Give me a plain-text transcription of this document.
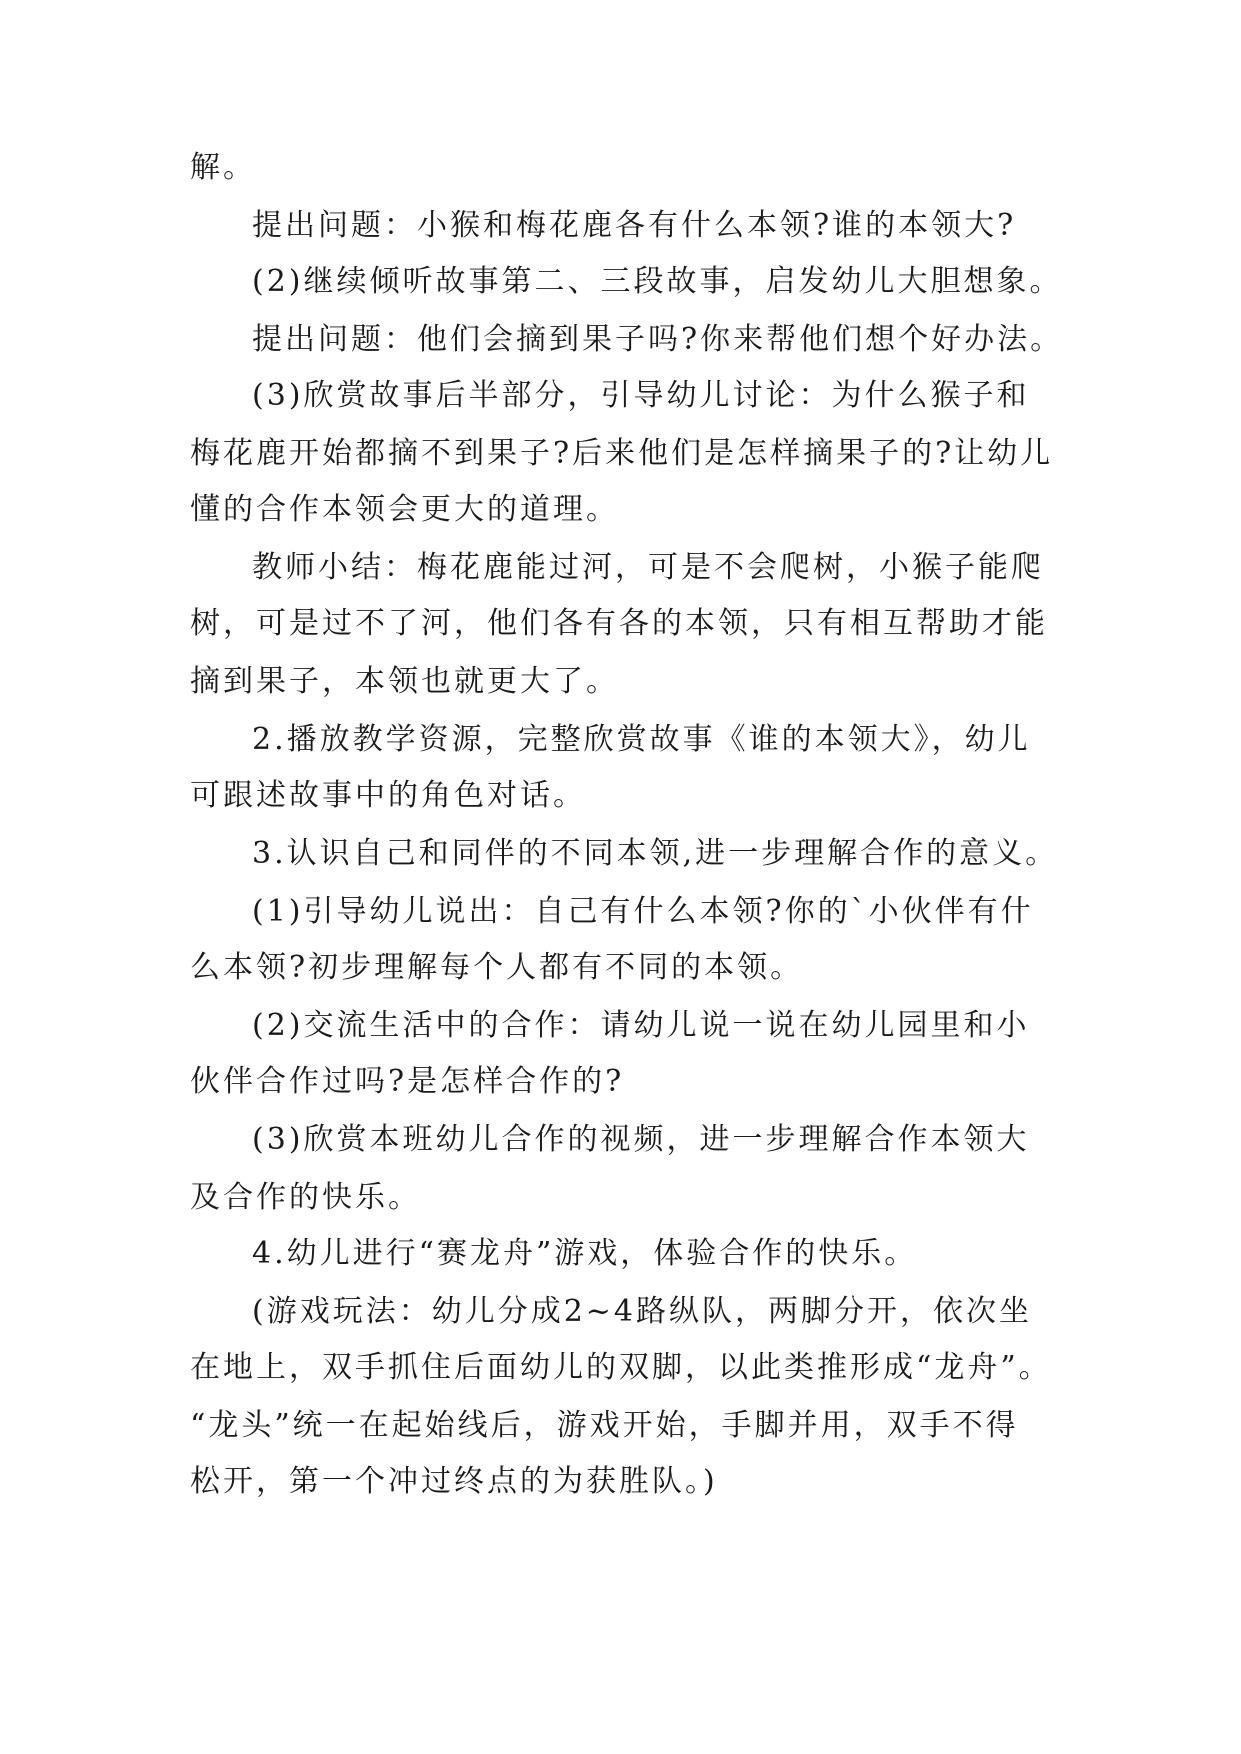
解。
提出问题：小猴和梅花鹿各有什么本领?谁的本领大?
(2)继续倾听故事第二、三段故事，启发幼儿大胆想象。
提出问题：他们会摘到果子吗?你来帮他们想个好办法。
(3)欣赏故事后半部分，引导幼儿讨论：为什么猴子和
梅花鹿开始都摘不到果子?后来他们是怎样摘果子的?让幼儿
懂的合作本领会更大的道理。
教师小结：梅花鹿能过河，可是不会爬树，小猴子能爬
树，可是过不了河，他们各有各的本领，只有相互帮助才能
摘到果子，本领也就更大了。
2.播放教学资源，完整欣赏故事《谁的本领大》，幼儿
可跟述故事中的角色对话。
3.认识自己和同伴的不同本领,进一步理解合作的意义。
(1)引导幼儿说出：自己有什么本领?你的`小伙伴有什
么本领?初步理解每个人都有不同的本领。
(2)交流生活中的合作：请幼儿说一说在幼儿园里和小
伙伴合作过吗?是怎样合作的?
(3)欣赏本班幼儿合作的视频，进一步理解合作本领大
及合作的快乐。
4.幼儿进行“赛龙舟”游戏，体验合作的快乐。
(游戏玩法：幼儿分成2~4路纵队，两脚分开，依次坐
在地上，双手抓住后面幼儿的双脚，以此类推形成“龙舟”。
“龙头”统一在起始线后，游戏开始，手脚并用，双手不得
松开，第一个冲过终点的为获胜队。)
